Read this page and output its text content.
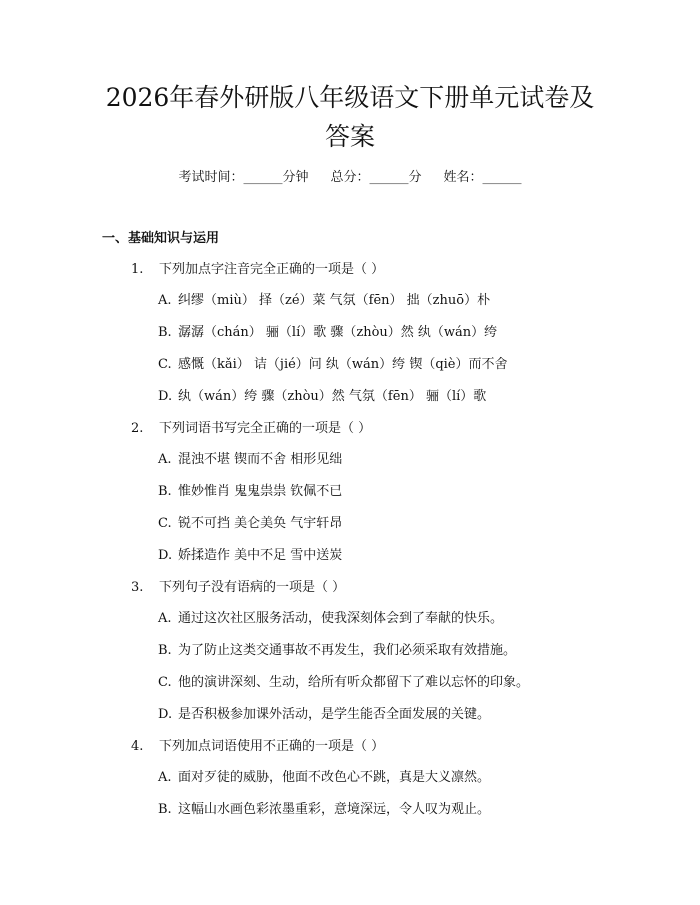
2026年春外研版八年级语文下册单元试卷及
答案
考试时间：______分钟 总分：______分 姓名：______
一、基础知识与运用
1. 下列加点字注音完全正确的一项是（ ）
A. 纠缪（miù） 择（zé）菜 气氛（fēn） 拙（zhuō）朴
B. 潺潺（chán） 骊（lí）歌 骤（zhòu）然 纨（wán）绔
C. 感慨（kǎi） 诘（jié）问 纨（wán）绔 锲（qiè）而不舍
D. 纨（wán）绔 骤（zhòu）然 气氛（fēn） 骊（lí）歌
2. 下列词语书写完全正确的一项是（ ）
A. 混浊不堪 锲而不舍 相形见绌
B. 惟妙惟肖 鬼鬼祟祟 钦佩不已
C. 锐不可挡 美仑美奂 气宇轩昂
D. 娇揉造作 美中不足 雪中送炭
3. 下列句子没有语病的一项是（ ）
A. 通过这次社区服务活动，使我深刻体会到了奉献的快乐。
B. 为了防止这类交通事故不再发生，我们必须采取有效措施。
C. 他的演讲深刻、生动，给所有听众都留下了难以忘怀的印象。
D. 是否积极参加课外活动，是学生能否全面发展的关键。
4. 下列加点词语使用不正确的一项是（ ）
A. 面对歹徒的威胁，他面不改色心不跳，真是大义凛然。
B. 这幅山水画色彩浓墨重彩，意境深远，令人叹为观止。
